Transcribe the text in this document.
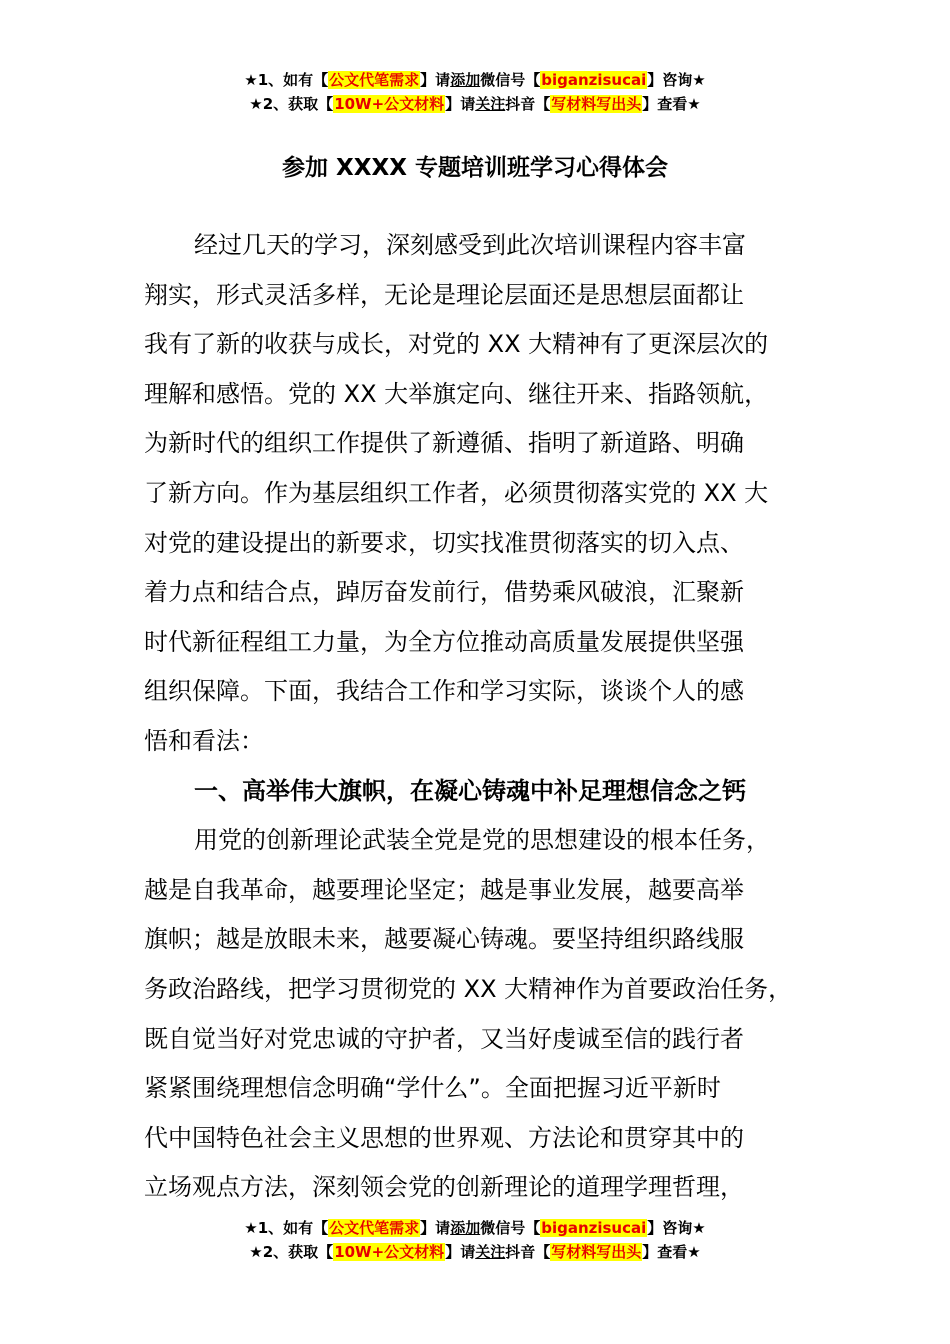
★1、如有【公文代笔需求】请添加微信号【biganzisucai】咨询★
★2、获取【10W+公文材料】请关注抖音【写材料写出头】查看★
参加 XXXX 专题培训班学习心得体会
经过几天的学习，深刻感受到此次培训课程内容丰富
翔实，形式灵活多样，无论是理论层面还是思想层面都让
我有了新的收获与成长，对党的 XX 大精神有了更深层次的
理解和感悟。党的 XX 大举旗定向、继往开来、指路领航，
为新时代的组织工作提供了新遵循、指明了新道路、明确
了新方向。作为基层组织工作者，必须贯彻落实党的 XX 大
对党的建设提出的新要求，切实找准贯彻落实的切入点、
着力点和结合点，踔厉奋发前行，借势乘风破浪，汇聚新
时代新征程组工力量，为全方位推动高质量发展提供坚强
组织保障。下面，我结合工作和学习实际，谈谈个人的感
悟和看法：
一、高举伟大旗帜，在凝心铸魂中补足理想信念之钙
用党的创新理论武装全党是党的思想建设的根本任务，
越是自我革命，越要理论坚定；越是事业发展，越要高举
旗帜；越是放眼未来，越要凝心铸魂。要坚持组织路线服
务政治路线，把学习贯彻党的 XX 大精神作为首要政治任务，
既自觉当好对党忠诚的守护者，又当好虔诚至信的践行者
紧紧围绕理想信念明确“学什么”。全面把握习近平新时
代中国特色社会主义思想的世界观、方法论和贯穿其中的
立场观点方法，深刻领会党的创新理论的道理学理哲理，
★1、如有【公文代笔需求】请添加微信号【biganzisucai】咨询★
★2、获取【10W+公文材料】请关注抖音【写材料写出头】查看★
